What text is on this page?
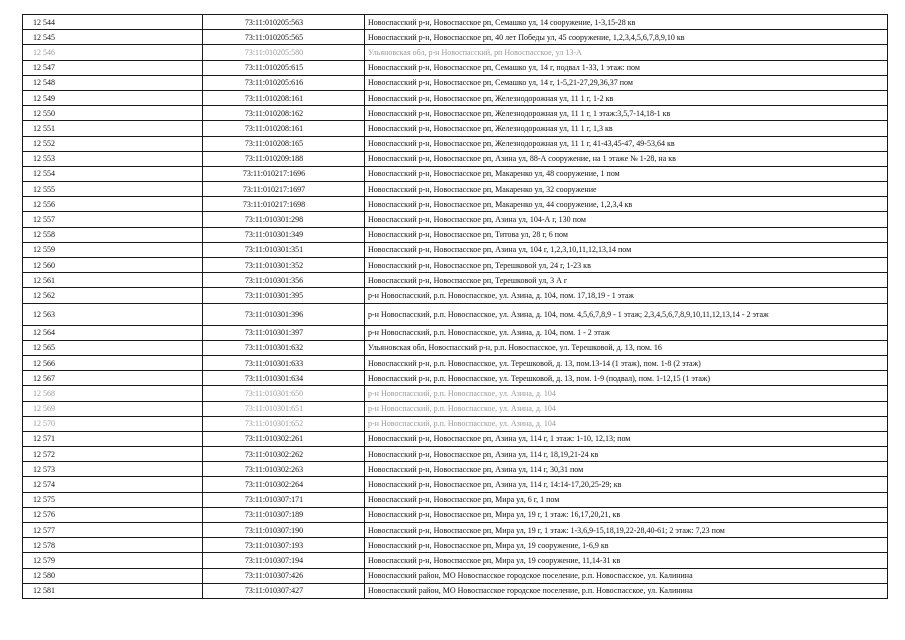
12 544	73:11:010205:563	Новоспасский р-н, Новоспасское рп, Семашко ул, 14 сооружение, 1-3,15-28 кв
12 545	73:11:010205:565	Новоспасский р-н, Новоспасское рп, 40 лет Победы ул, 45 сооружение, 1,2,3,4,5,6,7,8,9,10 кв
12 546	73:11:010205:580	Ульяновская обл, р-н Новоспасский, рп Новоспасское, ул 13-А
12 547	73:11:010205:615	Новоспасский р-н, Новоспасское рп, Семашко ул, 14 г, подвал 1-33, 1 этаж: пом
12 548	73:11:010205:616	Новоспасский р-н, Новоспасское рп, Семашко ул, 14 г, 1-5,21-27,29,36,37 пом
12 549	73:11:010208:161	Новоспасский р-н, Новоспасское рп, Железнодорожная ул, 11 1 г, 1-2 кв
12 550	73:11:010208:162	Новоспасский р-н, Новоспасское рп, Железнодорожная ул, 11 1 г, 1 этаж:3,5,7-14,18-1 кв
12 551	73:11:010208:161	Новоспасский р-н, Новоспасское рп, Железнодорожная ул, 11 1 г, 1,3 кв
12 552	73:11:010208:165	Новоспасский р-н, Новоспасское рп, Железнодорожная ул, 11 1 г, 41-43,45-47, 49-53,64 кв
12 553	73:11:010209:188	Новоспасский р-н, Новоспасское рп, Азина ул, 88-А сооружение, на 1 этаже № 1-28, на кв
12 554	73:11:010217:1696	Новоспасский р-н, Новоспасское рп, Макаренко ул, 48 сооружение, 1 пом
12 555	73:11:010217:1697	Новоспасский р-н, Новоспасское рп, Макаренко ул, 32 сооружение
12 556	73:11:010217:1698	Новоспасский р-н, Новоспасское рп, Макаренко ул, 44 сооружение, 1,2,3,4 кв
12 557	73:11:010301:298	Новоспасский р-н, Новоспасское рп, Азина ул, 104-А г, 130 пом
12 558	73:11:010301:349	Новоспасский р-н, Новоспасское рп, Титова ул, 28 г, 6 пом
12 559	73:11:010301:351	Новоспасский р-н, Новоспасское рп, Азина ул, 104 г, 1,2,3,10,11,12,13,14 пом
12 560	73:11:010301:352	Новоспасский р-н, Новоспасское рп, Терешковой ул, 24 г, 1-23 кв
12 561	73:11:010301:356	Новоспасский р-н, Новоспасское рп, Терешковой ул, 3 А г
12 562	73:11:010301:395	р-н Новоспасский, р.п. Новоспасское, ул. Азина, д. 104, пом. 17,18,19 - 1 этаж
12 563	73:11:010301:396	р-н Новоспасский, р.п. Новоспасское, ул. Азина, д. 104, пом. 4,5,6,7,8,9 - 1 этаж; 2,3,4,5,6,7,8,9,10,11,12,13,14 - 2 этаж
12 564	73:11:010301:397	р-н Новоспасский, р.п. Новоспасское, ул. Азина, д. 104, пом. 1 - 2 этаж
12 565	73:11:010301:632	Ульяновская обл, Новоспасский р-н, р.п. Новоспасское, ул. Терешковой, д. 13, пом. 16
12 566	73:11:010301:633	Новоспасский р-н, р.п. Новоспасское, ул. Терешковой, д. 13, пом.13-14 (1 этаж), пом. 1-8 (2 этаж)
12 567	73:11:010301:634	Новоспасский р-н, р.п. Новоспасское, ул. Терешковой, д. 13, пом. 1-9 (подвал), пом. 1-12,15 (1 этаж)
12 568	73:11:010301:650	р-н Новоспасский, р.п. Новоспасское, ул. Азина, д. 104
12 569	73:11:010301:651	р-н Новоспасский, р.п. Новоспасское, ул. Азина, д. 104
12 570	73:11:010301:652	р-н Новоспасский, р.п. Новоспасское, ул. Азина, д. 104
12 571	73:11:010302:261	Новоспасский р-н, Новоспасское рп, Азина ул, 114 г, 1 этаж: 1-10, 12,13; пом
12 572	73:11:010302:262	Новоспасский р-н, Новоспасское рп, Азина ул, 114 г, 18,19,21-24 кв
12 573	73:11:010302:263	Новоспасский р-н, Новоспасское рп, Азина ул, 114 г, 30,31 пом
12 574	73:11:010302:264	Новоспасский р-н, Новоспасское рп, Азина ул, 114 г, 14:14-17,20,25-29; кв
12 575	73:11:010307:171	Новоспасский р-н, Новоспасское рп, Мира ул, 6 г, 1 пом
12 576	73:11:010307:189	Новоспасский р-н, Новоспасское рп, Мира ул, 19 г, 1 этаж: 16,17,20,21, кв
12 577	73:11:010307:190	Новоспасский р-н, Новоспасское рп, Мира ул, 19 г, 1 этаж: 1-3,6,9-15,18,19,22-28,40-61; 2 этаж: 7,23 пом
12 578	73:11:010307:193	Новоспасский р-н, Новоспасское рп, Мира ул, 19 сооружение, 1-6,9 кв
12 579	73:11:010307:194	Новоспасский р-н, Новоспасское рп, Мира ул, 19 сооружение, 11,14-31 кв
12 580	73:11:010307:426	Новоспасский район, МО Новоспасское городское поселение, р.п. Новоспасское, ул. Калинина
12 581	73:11:010307:427	Новоспасский район, МО Новоспасское городское поселение, р.п. Новоспасское, ул. Калинина
